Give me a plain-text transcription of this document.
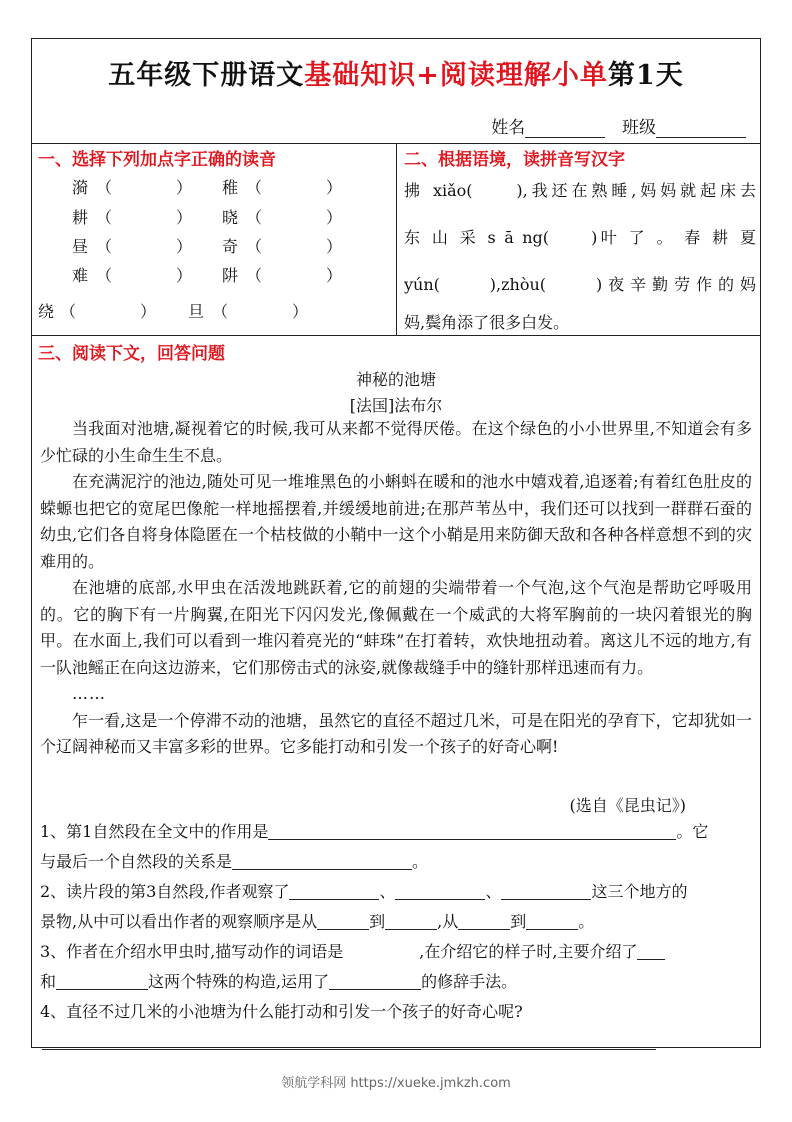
五年级下册语文基础知识+阅读理解小单第1天
姓名	班级
一、选择下列加点字正确的读音
漪 （　　　　） 稚 （　　　　）
耕 （　　　　） 晓 （　　　　）
昼 （　　　　） 奇 （　　　　）
难 （　　　　） 阱 （　　　　）
绕 （　　　　） 旦 （　　　　）
二、根据语境，读拼音写汉字
拂 xiǎo(　　),我还在熟睡,妈妈就起床去
东 山 采 s ā ng(　　)叶 了 。 春 耕 夏
yún(　　),zhòu(　　)夜辛勤劳作的妈
妈,鬓角添了很多白发。
三、阅读下文，回答问题
神秘的池塘
[法国]法布尔

当我面对池塘,凝视着它的时候,我可从来都不觉得厌倦。在这个绿色的小小世界里,不知道会有多少忙碌的小生命生生不息。

在充满泥泞的池边,随处可见一堆堆黑色的小蝌蚪在暖和的池水中嬉戏着,追逐着;有着红色肚皮的蝾螈也把它的宽尾巴像舵一样地摇摆着,并缓缓地前进;在那芦苇丛中，我们还可以找到一群群石蚕的幼虫,它们各自将身体隐匿在一个枯枝做的小鞘中一这个小鞘是用来防御天敌和各种各样意想不到的灾难用的。

在池塘的底部,水甲虫在活泼地跳跃着,它的前翅的尖端带着一个气泡,这个气泡是帮助它呼吸用的。它的胸下有一片胸翼,在阳光下闪闪发光,像佩戴在一个威武的大将军胸前的一块闪着银光的胸甲。在水面上,我们可以看到一堆闪着亮光的“蚌珠”在打着转，欢快地扭动着。离这儿不远的地方,有一队池鳐正在向这边游来，它们那傍击式的泳姿,就像裁缝手中的缝针那样迅速而有力。

……

乍一看,这是一个停滞不动的池塘，虽然它的直径不超过几米，可是在阳光的孕育下，它却犹如一个辽阔神秘而又丰富多彩的世界。它多能打动和引发一个孩子的好奇心啊!

(选自《昆虫记》)
1、第1自然段在全文中的作用是	。它
与最后一个自然段的关系是	。
2、读片段的第3自然段,作者观察了	、	、	这三个地方的
景物,从中可以看出作者的观察顺序是从	到	,从	到	。
3、作者在介绍水甲虫时,描写动作的词语是	,在介绍它的样子时,主要介绍了
和	这两个特殊的构造,运用了	的修辞手法。
4、直径不过几米的小池塘为什么能打动和引发一个孩子的好奇心呢?
领航学科网 https://xueke.jmkzh.com
